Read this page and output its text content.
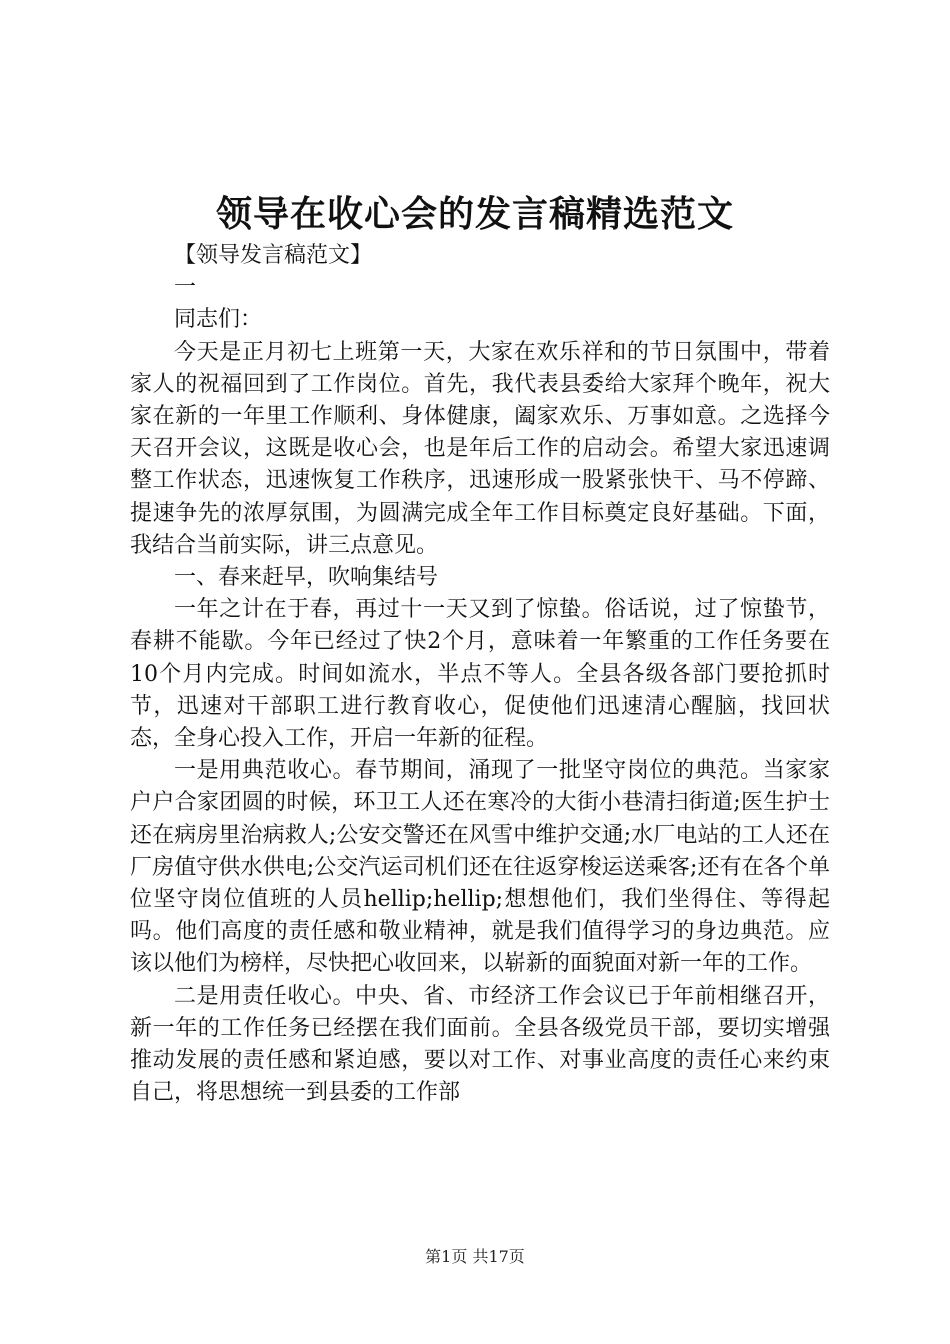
领导在收心会的发言稿精选范文

【领导发言稿范文】

一

同志们：

今天是正月初七上班第一天，大家在欢乐祥和的节日氛围中，带着家人的祝福回到了工作岗位。首先，我代表县委给大家拜个晚年，祝大家在新的一年里工作顺利、身体健康，阖家欢乐、万事如意。之选择今天召开会议，这既是收心会，也是年后工作的启动会。希望大家迅速调整工作状态，迅速恢复工作秩序，迅速形成一股紧张快干、马不停蹄、提速争先的浓厚氛围，为圆满完成全年工作目标奠定良好基础。下面，我结合当前实际，讲三点意见。

一、春来赶早，吹响集结号

一年之计在于春，再过十一天又到了惊蛰。俗话说，过了惊蛰节，春耕不能歇。今年已经过了快2个月，意味着一年繁重的工作任务要在10个月内完成。时间如流水，半点不等人。全县各级各部门要抢抓时节，迅速对干部职工进行教育收心，促使他们迅速清心醒脑，找回状态，全身心投入工作，开启一年新的征程。

一是用典范收心。春节期间，涌现了一批坚守岗位的典范。当家家户户合家团圆的时候，环卫工人还在寒冷的大街小巷清扫街道;医生护士还在病房里治病救人;公安交警还在风雪中维护交通;水厂电站的工人还在厂房值守供水供电;公交汽运司机们还在往返穿梭运送乘客;还有在各个单位坚守岗位值班的人员hellip;hellip;想想他们，我们坐得住、等得起吗。他们高度的责任感和敬业精神，就是我们值得学习的身边典范。应该以他们为榜样，尽快把心收回来，以崭新的面貌面对新一年的工作。

二是用责任收心。中央、省、市经济工作会议已于年前相继召开，新一年的工作任务已经摆在我们面前。全县各级党员干部，要切实增强推动发展的责任感和紧迫感，要以对工作、对事业高度的责任心来约束自己，将思想统一到县委的工作部

第1页 共17页
